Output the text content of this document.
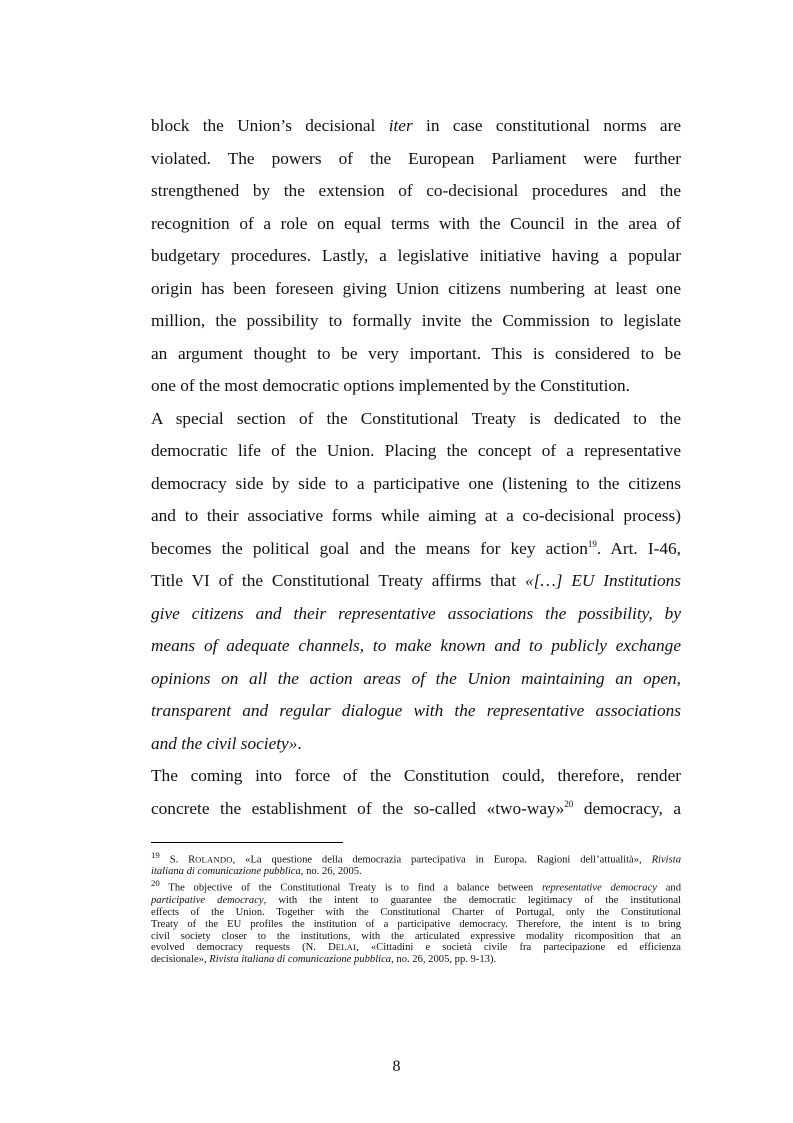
block the Union’s decisional iter in case constitutional norms are
violated. The powers of the European Parliament were further
strengthened by the extension of co-decisional procedures and the
recognition of a role on equal terms with the Council in the area of
budgetary procedures. Lastly, a legislative initiative having a popular
origin has been foreseen giving Union citizens numbering at least one
million, the possibility to formally invite the Commission to legislate
an argument thought to be very important. This is considered to be
one of the most democratic options implemented by the Constitution.
A special section of the Constitutional Treaty is dedicated to the
democratic life of the Union. Placing the concept of a representative
democracy side by side to a participative one (listening to the citizens
and to their associative forms while aiming at a co-decisional process)
becomes the political goal and the means for key action$^{19}$. Art. I-46,
Title VI of the Constitutional Treaty affirms that «[…] EU Institutions
give citizens and their representative associations the possibility, by
means of adequate channels, to make known and to publicly exchange
opinions on all the action areas of the Union maintaining an open,
transparent and regular dialogue with the representative associations
and the civil society».
The coming into force of the Constitution could, therefore, render
concrete the establishment of the so-called «two-way»$^{20}$ democracy, a
$^{19}$ S. ROLANDO, «La questione della democrazia partecipativa in Europa. Ragioni dell’attualità», Rivista
italiana di comunicazione pubblica, no. 26, 2005.
$^{20}$ The objective of the Constitutional Treaty is to find a balance between representative democracy and
participative democracy, with the intent to guarantee the democratic legitimacy of the institutional
effects of the Union. Together with the Constitutional Charter of Portugal, only the Constitutional
Treaty of the EU profiles the institution of a participative democracy. Therefore, the intent is to bring
civil society closer to the institutions, with the articulated expressive modality ricomposition that an
evolved democracy requests (N. DELAI, «Cittadini e società civile fra partecipazione ed efficienza
decisionale», Rivista italiana di comunicazione pubblica, no. 26, 2005, pp. 9-13).
8
